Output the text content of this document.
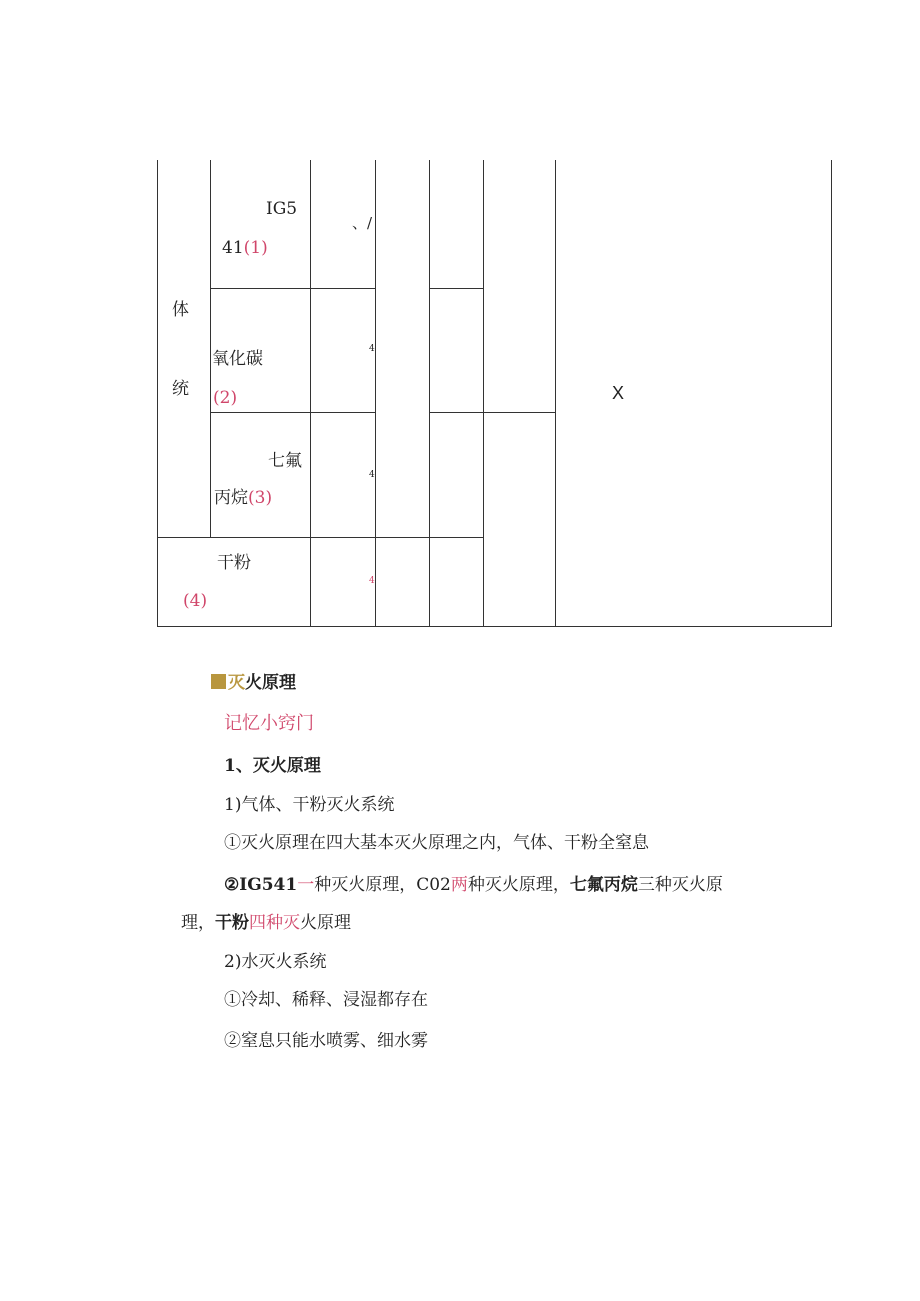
体
统
IG5
41(1)
、/
氧化碳
(2)
4
七氟
丙烷(3)
4
干粉
(4)
4
X
灭火原理
记忆小窍门
1、灭火原理
1)气体、干粉灭火系统
①灭火原理在四大基本灭火原理之内，气体、干粉全窒息
②IG541一种灭火原理，C02两种灭火原理，七氟丙烷三种灭火原
理，干粉四种灭火原理
2)水灭火系统
①冷却、稀释、浸湿都存在
②窒息只能水喷雾、细水雾
